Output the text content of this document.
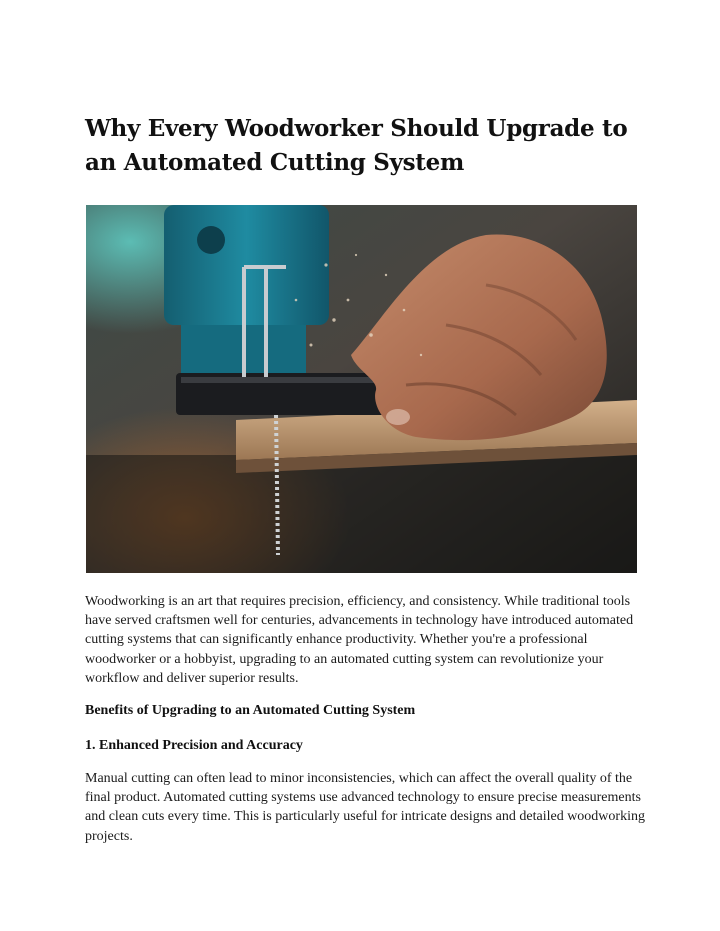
Why Every Woodworker Should Upgrade to an Automated Cutting System

Woodworking is an art that requires precision, efficiency, and consistency. While traditional tools have served craftsmen well for centuries, advancements in technology have introduced automated cutting systems that can significantly enhance productivity. Whether you're a professional woodworker or a hobbyist, upgrading to an automated cutting system can revolutionize your workflow and deliver superior results.

Benefits of Upgrading to an Automated Cutting System
1. Enhanced Precision and Accuracy

Manual cutting can often lead to minor inconsistencies, which can affect the overall quality of the final product. Automated cutting systems use advanced technology to ensure precise measurements and clean cuts every time. This is particularly useful for intricate designs and detailed woodworking projects.
